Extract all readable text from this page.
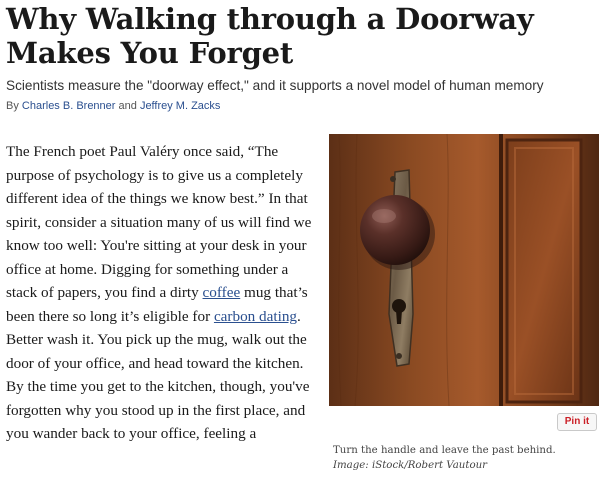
Why Walking through a Doorway
Makes You Forget

Scientists measure the "doorway effect," and it supports a novel model of human memory

By Charles B. Brenner and Jeffrey M. Zacks

The French poet Paul Valéry once said, “The purpose of psychology is to give us a completely different idea of the things we know best.” In that spirit, consider a situation many of us will find we know too well: You're sitting at your desk in your office at home. Digging for something under a stack of papers, you find a dirty coffee mug that’s been there so long it’s eligible for carbon dating. Better wash it. You pick up the mug, walk out the door of your office, and head toward the kitchen. By the time you get to the kitchen, though, you've forgotten why you stood up in the first place, and you wander back to your office, feeling a

Pin it

Turn the handle and leave the past behind.
Image: iStock/Robert Vautour
